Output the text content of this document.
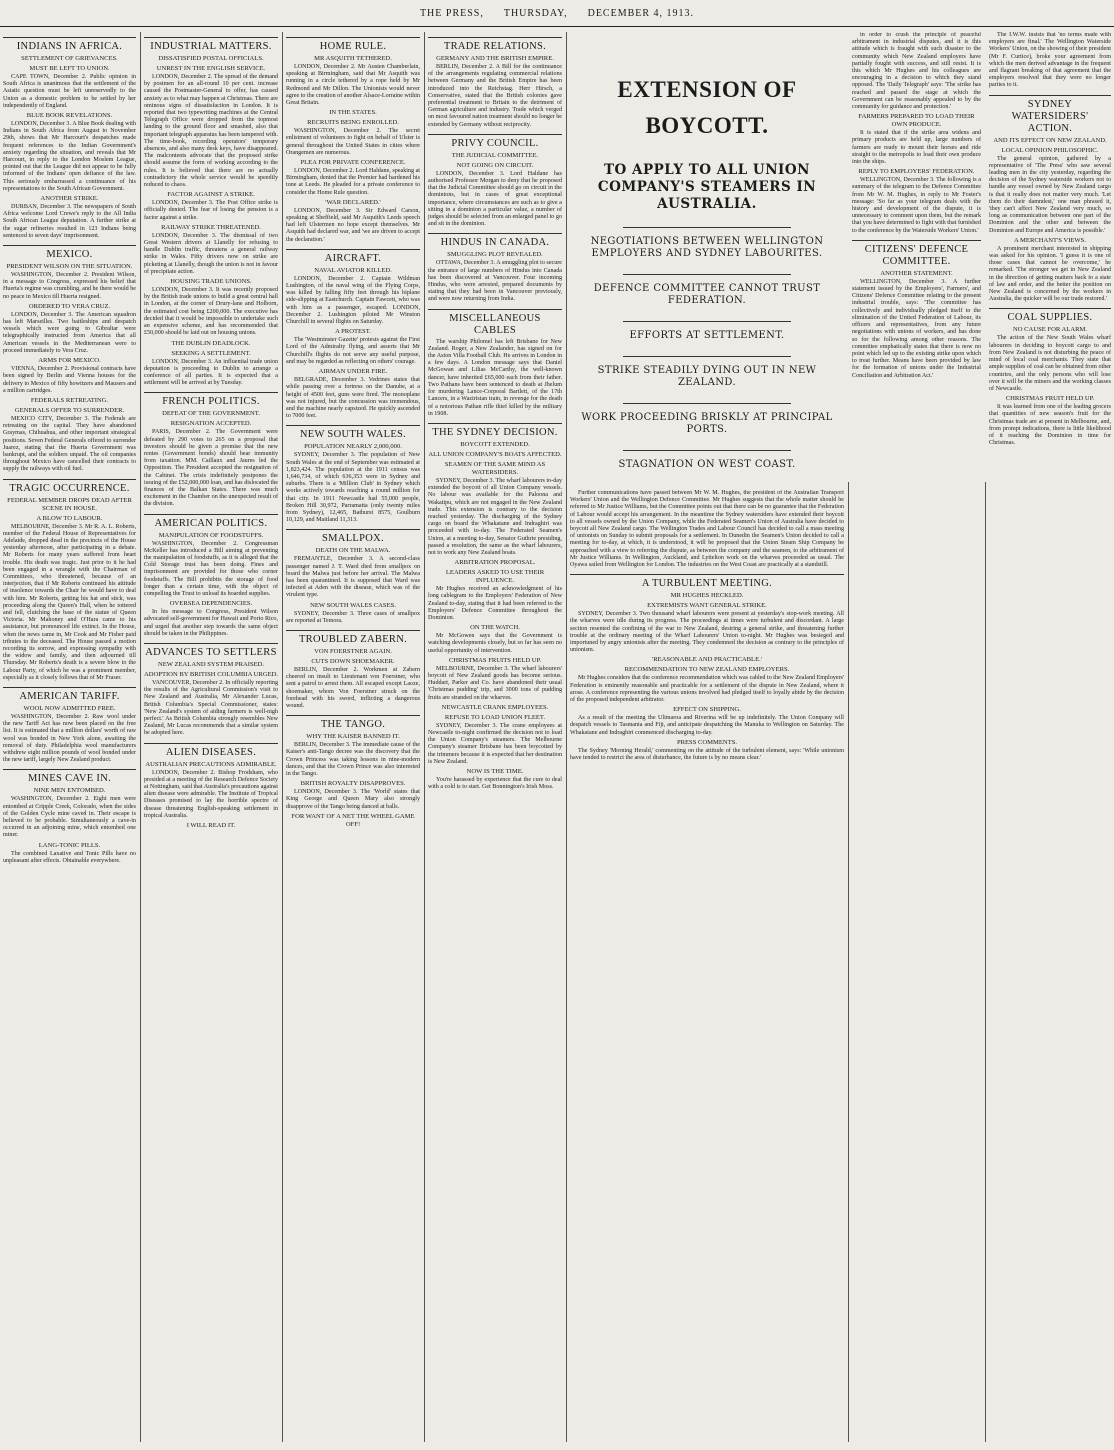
THE PRESS, THURSDAY, DECEMBER 4, 1913.
INDIANS IN AFRICA.
SETTLEMENT OF GRIEVANCES.
MUST BE LEFT TO UNION.

CAPE TOWN, December 2. Public opinion in South Africa is unanimous that the settlement of the Asiatic question must be left unreservedly to the Union as a domestic problem to be settled by her independently of England.

BLUE BOOK REVELATIONS.

LONDON, December 3. A Blue Book dealing with Indians in South Africa from August to November 29th, shows that Mr Harcourt's despatches made frequent references to the Indian Government's anxiety regarding the situation, and reveals that Mr Harcourt, in reply to the London Moslem League, pointed out that the League did not appear to be fully informed of the Indians' open defiance of the law. This seriously embarrassed a continuance of his representations to the South African Government.

ANOTHER STRIKE.

DURBAN, December 3. The newspapers of South Africa welcome Lord Crewe's reply to the All India South African League deputation. A further strike at the sugar refineries resulted in 123 Indians being sentenced to seven days' imprisonment.

MEXICO.
PRESIDENT WILSON ON THE SITUATION.

WASHINGTON, December 2. President Wilson, in a message to Congress, expressed his belief that Huerta's regime was crumbling, and he there would be no peace in Mexico till Huerta resigned.

ORDERED TO VERA CRUZ.

LONDON, December 3. The American squadron has left Marseilles. Two battleships and despatch vessels which were going to Gibraltar were telegraphically instructed from America that all American vessels in the Mediterranean were to proceed immediately to Vera Cruz.

ARMS FOR MEXICO.

VIENNA, December 2. Provisional contracts have been signed by Berlin and Vienna houses for the delivery to Mexico of fifty howitzers and Mausers and a million cartridges.

FEDERALS RETREATING.
GENERALS OFFER TO SURRENDER.

MEXICO CITY, December 3. The Federals are retreating on the capital. They have abandoned Graymas, Chihuahua, and other important strategical positions. Seven Federal Generals offered to surrender Juarez, stating that the Huerta Government was bankrupt, and the soldiers unpaid. The oil companies throughout Mexico have cancelled their contracts to supply the railways with oil fuel.

TRAGIC OCCURRENCE.
FEDERAL MEMBER DROPS DEAD AFTER SCENE IN HOUSE.
A BLOW TO LABOUR.

MELBOURNE, December 3. Mr R. A. L. Roberts, member of the Federal House of Representatives for Adelaide, dropped dead in the precincts of the House yesterday afternoon, after participating in a debate. Mr Roberts for many years suffered from heart trouble. His death was tragic. Just prior to it he had been engaged in a wrangle with the Chairman of Committees, who threatened, because of an interjection, that if Mr Roberts continued his attitude of insolence towards the Chair he would have to deal with him. Mr Roberts, getting his hat and stick, was proceeding along the Queen's Hall, when he tottered and fell, clutching the base of the statue of Queen Victoria. Mr Mahoney and O'Hara came to his assistance, but pronounced life extinct. In the House, when the news came in, Mr Cook and Mr Fisher paid tributes to the deceased. The House passed a motion recording its sorrow, and expressing sympathy with the widow and family, and then adjourned till Thursday. Mr Roberts's death is a severe blow to the Labour Party, of which he was a prominent member, especially as it closely follows that of Mr Fraser.

AMERICAN TARIFF.
WOOL NOW ADMITTED FREE.

WASHINGTON, December 2. Raw wool under the new Tariff Act has now been placed on the free list. It is estimated that a million dollars' worth of raw wool was bonded in New York alone, awaiting the removal of duty. Philadelphia wool manufacturers withdrew eight million pounds of wool bonded under the new tariff, largely New Zealand product.

MINES CAVE IN.
NINE MEN ENTOMBED.

WASHINGTON, December 2. Eight men were entombed at Cripple Creek, Colorado, when the sides of the Golden Cycle mine caved in. Their escape is believed to be probable. Simultaneously a cave-in occurred in an adjoining mine, which entombed one miner.

LANG-TONIC PILLS.

The combined Laxative and Tonic Pills have no unpleasant after effects. Obtainable everywhere.

INDUSTRIAL MATTERS.
DISSATISFIED POSTAL OFFICIALS.
UNREST IN THE ENGLISH SERVICE.

LONDON, December 2. The spread of the demand by postmen for an all-round 10 per cent. increase caused the Postmaster-General to offer, has caused anxiety as to what may happen at Christmas. There are ominous signs of dissatisfaction in London. It is reported that two typewriting machines at the Central Telegraph Office were dropped from the topmost landing to the ground floor and smashed, also that important telegraph apparatus has been tampered with. The time-book, recording operators' temporary absences, and also many desk keys, have disappeared. The malcontents advocate that the proposed strike should assume the form of working according to the rules. It is believed that there are no actually contradictory the whole service would be speedily reduced to chaos.

FACTOR AGAINST A STRIKE.

LONDON, December 3. The Post Office strike is officially denied. The fear of losing the pension is a factor against a strike.

RAILWAY STRIKE THREATENED.

LONDON, December 3. The dismissal of two Great Western drivers at Llanelly for refusing to handle Dublin traffic, threatens a general railway strike in Wales. Fifty drivers now on strike are picketing at Llanelly, though the union is not in favour of precipitate action.

HOUSING TRADE UNIONS.

LONDON, December 3. It was recently proposed by the British trade unions to build a great central hall in London, at the corner of Drury-lane and Holborn, the estimated cost being £200,000. The executive has decided that it would be impossible to undertake such an expensive scheme, and has recommended that £50,000 should be laid out on housing unions.

THE DUBLIN DEADLOCK.
SEEKING A SETTLEMENT.

LONDON, December 3. An influential trade union deputation is proceeding to Dublin to arrange a conference of all parties. It is expected that a settlement will be arrived at by Tuesday.

FRENCH POLITICS.
DEFEAT OF THE GOVERNMENT.
RESIGNATION ACCEPTED.

PARIS, December 2. The Government were defeated by 290 votes to 265 on a proposal that investors should be given a promise that the new rentes (Government bonds) should bear immunity from taxation. MM. Caillaux and Jaures led the Opposition. The President accepted the resignation of the Cabinet. The crisis indefinitely postpones the issuing of the £52,000,000 loan, and has dislocated the finances of the Balkan States. There was much excitement in the Chamber on the unexpected result of the division.

AMERICAN POLITICS.
MANIPULATION OF FOODSTUFFS.

WASHINGTON, December 2. Congressman McKeller has introduced a Bill aiming at preventing the manipulation of foodstuffs, as it is alleged that the Cold Storage trust has been doing. Fines and imprisonment are provided for those who corner foodstuffs. The Bill prohibits the storage of food longer than a certain time, with the object of compelling the Trust to unload its hoarded supplies.

OVERSEA DEPENDENCIES.

In his message to Congress, President Wilson advocated self-government for Hawaii and Porto Rico, and urged that another step towards the same object should be taken in the Philippines.

ADVANCES TO SETTLERS
NEW ZEALAND SYSTEM PRAISED.
ADOPTION BY BRITISH COLUMBIA URGED.

VANCOUVER, December 2. In officially reporting the results of the Agricultural Commission's visit to New Zealand and Australia, Mr Alexander Lucas, British Columbia's Special Commissioner, states: 'New Zealand's system of aiding farmers is well-nigh perfect.' As British Columbia strongly resembles New Zealand, Mr Lucas recommends that a similar system be adopted here.

ALIEN DISEASES.
AUSTRALIAN PRECAUTIONS ADMIRABLE.

LONDON, December 2. Bishop Frodsham, who presided at a meeting of the Research Defence Society at Nottingham, said that Australia's precautions against alien disease were admirable. The Institute of Tropical Diseases promised to lay the horrible spectre of disease threatening English-speaking settlement in tropical Australia.

I WILL READ IT.
HOME RULE.
MR ASQUITH TETHERED.

LONDON, December 2. Mr Austen Chamberlain, speaking at Birmingham, said that Mr Asquith was running in a circle tethered by a rope held by Mr Redmond and Mr Dillon. The Unionists would never agree to the creation of another Alsace-Lorraine within Great Britain.

IN THE STATES.
RECRUITS BEING ENROLLED.

WASHINGTON, December 2. The secret enlistment of volunteers to fight on behalf of Ulster is general throughout the United States in cities where Orangemen are numerous.

PLEA FOR PRIVATE CONFERENCE.

LONDON, December 2. Lord Haldane, speaking at Birmingham, denied that the Premier had hardened his tone at Leeds. He pleaded for a private conference to consider the Home Rule question.

'WAR DECLARED.'

LONDON, December 3. Sir Edward Carson, speaking at Sheffield, said Mr Asquith's Leeds speech had left Ulstermen no hope except themselves. Mr Asquith had declared war, and 'we are driven to accept the declaration.'

AIRCRAFT.
NAVAL AVIATOR KILLED.

LONDON, December 2. Captain Wildman Lushington, of the naval wing of the Flying Corps, was killed by falling fifty feet through his biplane side-slipping at Eastchurch. Captain Fawcett, who was with him as a passenger, escaped. LONDON, December 2. Lushington piloted Mr Winston Churchill in several flights on Saturday.

A PROTEST.

The 'Westminster Gazette' protests against the First Lord of the Admiralty flying, and asserts that Mr Churchill's flights do not serve any useful purpose, and may be regarded as reflecting on others' courage.

AIRMAN UNDER FIRE.

BELGRADE, December 3. Vedrines states that while passing over a fortress on the Danube, at a height of 4500 feet, guns were fired. The monoplane was not injured, but the concussion was tremendous, and the machine nearly capsized. He quickly ascended to 7000 feet.

NEW SOUTH WALES.
POPULATION NEARLY 2,000,000.

SYDNEY, December 3. The population of New South Wales at the end of September was estimated at 1,823,424. The population at the 1911 census was 1,646,734, of which 636,353 were in Sydney and suburbs. There is a 'Million Club' in Sydney which works actively towards reaching a round million for that city. In 1911 Newcastle had 55,000 people, Broken Hill 30,972, Parramatta (only twenty miles from Sydney), 12,465, Bathurst 8575, Goulburn 10,129, and Maitland 11,313.

SMALLPOX.
DEATH ON THE MALWA.

FREMANTLE, December 3. A second-class passenger named J. T. Ward died from smallpox on board the Malwa just before her arrival. The Malwa has been quarantined. It is supposed that Ward was infected at Aden with the disease, which was of the virulent type.

NEW SOUTH WALES CASES.

SYDNEY, December 3. Three cases of smallpox are reported at Temora.

TROUBLED ZABERN.
VON FOERSTNER AGAIN.
CUTS DOWN SHOEMAKER.

BERLIN, December 2. Workmen at Zabern cheered on insult to Lieutenant von Foerstner, who sent a patrol to arrest them. All escaped except Laoze, shoemaker, whom Von Foerstner struck on the forehead with his sword, inflicting a dangerous wound.

THE TANGO.
WHY THE KAISER BANNED IT.

BERLIN, December 3. The immediate cause of the Kaiser's anti-Tango decree was the discovery that the Crown Princess was taking lessons in nine-modern dances, and that the Crown Prince was also interested in the Tango.

BRITISH ROYALTY DISAPPROVES.

LONDON, December 3. The 'World' states that King George and Queen Mary also strongly disapprove of the Tango being danced at balls.

FOR WANT OF A NET THE WHEEL GAME OFF!
TRADE RELATIONS.
GERMANY AND THE BRITISH EMPIRE.

BERLIN, December 2. A Bill for the continuance of the arrangements regulating commercial relations between Germany and the British Empire has been introduced into the Reichstag. Herr Hirsch, a Conservative, stated that the British colonies gave preferential treatment to Britain to the detriment of German agriculture and industry. Trade which verged on most favoured nation treatment should no longer be extended by Germany without reciprocity.

PRIVY COUNCIL.
THE JUDICIAL COMMITTEE.
NOT GOING ON CIRCUIT.

LONDON, December 3. Lord Haldane has authorised Professor Morgan to deny that he proposed that the Judicial Committee should go on circuit in the dominions, but in cases of great exceptional importance, where circumstances are such as to give a sitting in a dominion a particular value, a number of judges should be selected from an enlarged panel to go and sit in the dominion.

HINDUS IN CANADA.
SMUGGLING PLOT REVEALED.

OTTAWA, December 3. A smuggling plot to secure the entrance of large numbers of Hindus into Canada has been discovered at Vancouver. Four incoming Hindus, who were arrested, prepared documents by stating that they had been in Vancouver previously, and were now returning from India.

MISCELLANEOUS CABLES

The warship Philomel has left Brisbane for New Zealand. Roger, a New Zealander, has signed on for the Aston Villa Football Club. He arrives in London in a few days. A London message says that Daniel McGowan and Lilias McCarthy, the well-known dancer, have inherited £65,000 each from their father. Two Pathans have been sentenced to death at Jhelum for murdering Lance-Corporal Bartlett, of the 17th Lancers, in a Waziristan train, in revenge for the death of a notorious Pathan rifle thief killed by the military in 1908.

THE SYDNEY DECISION.
BOYCOTT EXTENDED.
ALL UNION COMPANY'S BOATS AFFECTED.
SEAMEN OF THE SAME MIND AS WATERSIDERS.

SYDNEY, December 3. The wharf labourers to-day extended the boycott of all Union Company vessels. No labour was available for the Paloona and Wakatipu, which are not engaged in the New Zealand trade. This extension is contrary to the decision reached yesterday. The discharging of the Sydney cargo on board the Whakatane and Indraghiri was proceeded with to-day. The Federated Seamen's Union, at a meeting to-day, Senator Guthrie presiding, passed a resolution, the same as the wharf labourers, not to work any New Zealand boats.

ARBITRATION PROPOSAL.
LEADERS ASKED TO USE THEIR INFLUENCE.

Mr Hughes received an acknowledgment of his long cablegram to the Employers' Federation of New Zealand to-day, stating that it had been referred to the Employers' Defence Committee throughout the Dominion.

ON THE WATCH.

Mr McGowen says that the Government is watching developments closely, but so far has seen no useful opportunity of intervention.

CHRISTMAS FRUITS HELD UP.

MELBOURNE, December 3. The wharf labourers' boycott of New Zealand goods has become serious. Huddart, Parker and Co. have abandoned their usual 'Christmas pudding' trip, and 3000 tons of pudding fruits are stranded on the wharves.

NEWCASTLE CRANK EMPLOYEES.
REFUSE TO LOAD UNION FLEET.

SYDNEY, December 3. The crane employees at Newcastle to-night confirmed the decision not to load the Union Company's steamers. The Melbourne Company's steamer Brisbane has been boycotted by the trimmers because it is expected that her destination is New Zealand.

NOW IS THE TIME.

You're harassed by experience that the cure to deal with a cold is to start. Get Bonnington's Irish Moss.

EXTENSION OF BOYCOTT.
TO APPLY TO ALL UNION COMPANY'S STEAMERS IN AUSTRALIA.
NEGOTIATIONS BETWEEN WELLINGTON EMPLOYERS AND SYDNEY LABOURITES.
DEFENCE COMMITTEE CANNOT TRUST FEDERATION.
EFFORTS AT SETTLEMENT.
STRIKE STEADILY DYING OUT IN NEW ZEALAND.
WORK PROCEEDING BRISKLY AT PRINCIPAL PORTS.
STAGNATION ON WEST COAST.

Further communications have passed between Mr W. M. Hughes, the president of the Australian Transport Workers' Union and the Wellington Defence Committee. Mr Hughes suggests that the whole matter should be referred to Mr Justice Williams, but the Committee points out that there can be no guarantee that the Federation of Labour would accept his arrangement. In the meantime the Sydney watersiders have extended their boycott to all vessels owned by the Union Company, while the Federated Seamen's Union of Australia have decided to boycott all New Zealand cargo. The Wellington Trades and Labour Council has decided to call a mass meeting of unionists on Sunday to submit proposals for a settlement. In Dunedin the Seamen's Union decided to call a meeting for to-day, at which, it is understood, it will be proposed that the Union Steam Ship Company be approached with a view to referring the dispute, as between the company and the seamen, to the arbitrament of Mr Justice Williams. In Wellington, Auckland, and Lyttelton work on the wharves proceeded as usual. The Oyawa sailed from Wellington for London. The industries on the West Coast are practically at a standstill.

A TURBULENT MEETING.
MR HUGHES HECKLED.
EXTREMISTS WANT GENERAL STRIKE.

SYDNEY, December 3. Two thousand wharf labourers were present at yesterday's stop-work meeting. All the wharves were idle during its progress. The proceedings at times were turbulent and discordant. A large section resented the confining of the war to New Zealand, desiring a general strike, and threatening further trouble at the ordinary meeting of the Wharf Labourers' Union to-night. Mr Hughes was besieged and importuned by angry unionists after the meeting. They condemned the decision as contrary to the principles of unionism.

'REASONABLE AND PRACTICABLE.'
RECOMMENDATION TO NEW ZEALAND EMPLOYERS.

Mr Hughes considers that the conference recommendation which was cabled to the New Zealand Employers' Federation is eminently reasonable and practicable for a settlement of the dispute in New Zealand, where it arose. A conference representing the various unions involved had pledged itself to loyally abide by the decision of the proposed independent arbitrator.

EFFECT ON SHIPPING.

As a result of the meeting the Ulimaroa and Riverina will be up indefinitely. The Union Company will despatch vessels to Tasmania and Fiji, and anticipate despatching the Manuka to Wellington on Saturday. The Whakatane and Indraghiri commenced discharging to-day.

PRESS COMMENTS.

The Sydney 'Morning Herald,' commenting on the attitude of the turbulent element, says: 'While unionism have tended to restrict the area of disturbance, the future is by no means clear.'

in order to crush the principle of peaceful arbitrament in industrial disputes, and it is this attitude which is fraught with such disaster to the community which New Zealand employers have partially fought with success, and still resist. It is this which Mr Hughes and his colleagues are encouraging in a decision to which they stand opposed. The 'Daily Telegraph' says: 'The strike has reached and passed the stage at which the Government can be reasonably appealed to by the community for guidance and protection.'

FARMERS PREPARED TO LOAD THEIR OWN PRODUCE.

It is stated that if the strike area widens and primary products are held up, large numbers of farmers are ready to mount their horses and ride straight to the metropolis to load their own produce into the ships.

REPLY TO EMPLOYERS' FEDERATION.

WELLINGTON, December 3. The following is a summary of the telegram to the Defence Committee from Mr W. M. Hughes, in reply to Mr Foster's message: 'So far as your telegram deals with the history and development of the dispute, it is unnecessary to comment upon them, but the remark that you have determined to fight with that furnished to the conference by the Waterside Workers' Union.'

CITIZENS' DEFENCE COMMITTEE.
ANOTHER STATEMENT.

WELLINGTON, December 3. A further statement issued by the Employers', Farmers', and Citizens' Defence Committee relating to the present industrial trouble, says: 'The committee has collectively and individually pledged itself to the elimination of the United Federation of Labour, its officers and representatives, from any future negotiations with unions of workers, and has done so for the following among other reasons. The committee emphatically states that there is now no point which led up to the existing strike upon which to treat further. Means have been provided by law for the formation of unions under the Industrial Conciliation and Arbitration Act.'

The I.W.W. insists that 'no terms made with employers are final.' The Wellington Waterside Workers' Union, on the showing of their president (Mr F. Curtice), broke your agreement from which the men derived advantage in the frequent and flagrant breaking of that agreement that the employers resolved that they were no longer parties to it.

SYDNEY WATERSIDERS' ACTION.
AND ITS EFFECT ON NEW ZEALAND.
LOCAL OPINION PHILOSOPHIC.

The general opinion, gathered by a representative of 'The Press' who saw several leading men in the city yesterday, regarding the decision of the Sydney waterside workers not to handle any vessel owned by New Zealand cargo is that it really does not matter very much. 'Let them do their damndest,' one man phrased it, 'they can't affect New Zealand very much, so long as communication between one part of the Dominion and the other and between the Dominion and Europe and America is possible.'

A MERCHANT'S VIEWS.

A prominent merchant interested in shipping was asked for his opinion. 'I guess it is one of those cases that cannot be overcome,' he remarked. 'The stronger we get in New Zealand in the direction of getting matters back to a state of law and order, and the better the position on New Zealand is concerned by the workers in Australia, the quicker will be our trade restored.'

COAL SUPPLIES.
NO CAUSE FOR ALARM.

The action of the New South Wales wharf labourers in deciding to boycott cargo to and from New Zealand is not disturbing the peace of mind of local coal merchants. They state that ample supplies of coal can be obtained from other countries, and the only persons who will lose over it will be the miners and the working classes of Newcastle.

CHRISTMAS FRUIT HELD UP.

It was learned from one of the leading grocers that quantities of new season's fruit for the Christmas trade are at present in Melbourne, and, from prompt indications, there is little likelihood of it reaching the Dominion in time for Christmas.
